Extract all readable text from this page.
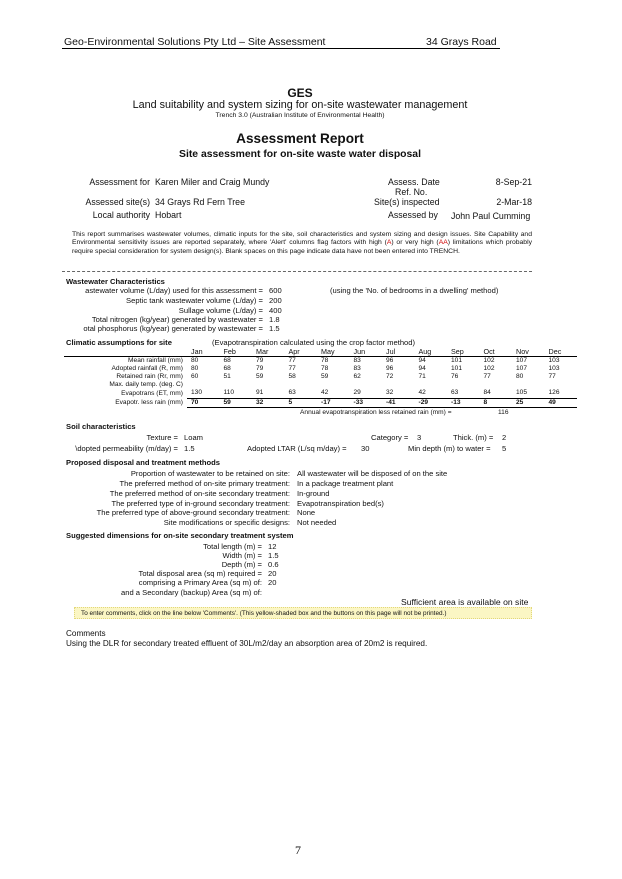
Geo-Environmental Solutions Pty Ltd – Site Assessment	34 Grays Road
GES
Land suitability and system sizing for on-site wastewater management
Trench 3.0 (Australian Institute of Environmental Health)
Assessment Report
Site assessment for on-site waste water disposal
Assessment for Karen Miler and Craig Mundy
Assessed site(s) 34 Grays Rd Fern Tree
Local authority Hobart
Assess. Date	8-Sep-21
Ref. No.
Site(s) inspected	2-Mar-18
Assessed by John Paul Cumming
This report summarises wastewater volumes, climatic inputs for the site, soil characteristics and system sizing and design issues. Site Capability and Environmental sensitivity issues are reported separately, where 'Alert' columns flag factors with high (A) or very high (AA) limitations which probably require special consideration for system design(s). Blank spaces on this page indicate data have not been entered into TRENCH.
Wastewater Characteristics
astewater volume (L/day) used for this assessment = 600	(using the 'No. of bedrooms in a dwelling' method)
Septic tank wastewater volume (L/day) = 200
Sullage volume (L/day) = 400
Total nitrogen (kg/year) generated by wastewater = 1.8
otal phosphorus (kg/year) generated by wastewater = 1.5
Climatic assumptions for site	(Evapotranspiration calculated using the crop factor method)
	Jan	Feb	Mar	Apr	May	Jun	Jul	Aug	Sep	Oct	Nov	Dec
Mean rainfall (mm)	80	68	79	77	78	83	96	94	101	102	107	103
Adopted rainfall (R, mm)	80	68	79	77	78	83	96	94	101	102	107	103
Retained rain (Rr, mm)	60	51	59	58	59	62	72	71	76	77	80	77
Max. daily temp. (deg. C)												
Evapotrans (ET, mm)	130	110	91	63	42	29	32	42	63	84	105	126
Evapotr. less rain (mm)	70	59	32	5	-17	-33	-41	-29	-13	8	25	49
Annual evapotranspiration less retained rain (mm) =	116
Soil characteristics
Texture = Loam	Category = 3	Thick. (m) = 2
\dopted permeability (m/day) = 1.5	Adopted LTAR (L/sq m/day) = 30	Min depth (m) to water = 5
Proposed disposal and treatment methods
Proportion of wastewater to be retained on site: All wastewater will be disposed of on the site
The preferred method of on-site primary treatment: In a package treatment plant
The preferred method of on-site secondary treatment: In-ground
The preferred type of in-ground secondary treatment: Evapotranspiration bed(s)
The preferred type of above-ground secondary treatment: None
Site modifications or specific designs: Not needed
Suggested dimensions for on-site secondary treatment system
Total length (m) = 12
Width (m) = 1.5
Depth (m) = 0.6
Total disposal area (sq m) required = 20
comprising a Primary Area (sq m) of: 20
and a Secondary (backup) Area (sq m) of:
Sufficient area is available on site
To enter comments, click on the line below 'Comments'. (This yellow-shaded box and the buttons on this page will not be printed.)
Comments
Using the DLR for secondary treated effluent of 30L/m2/day an absorption area of 20m2 is required.
7
